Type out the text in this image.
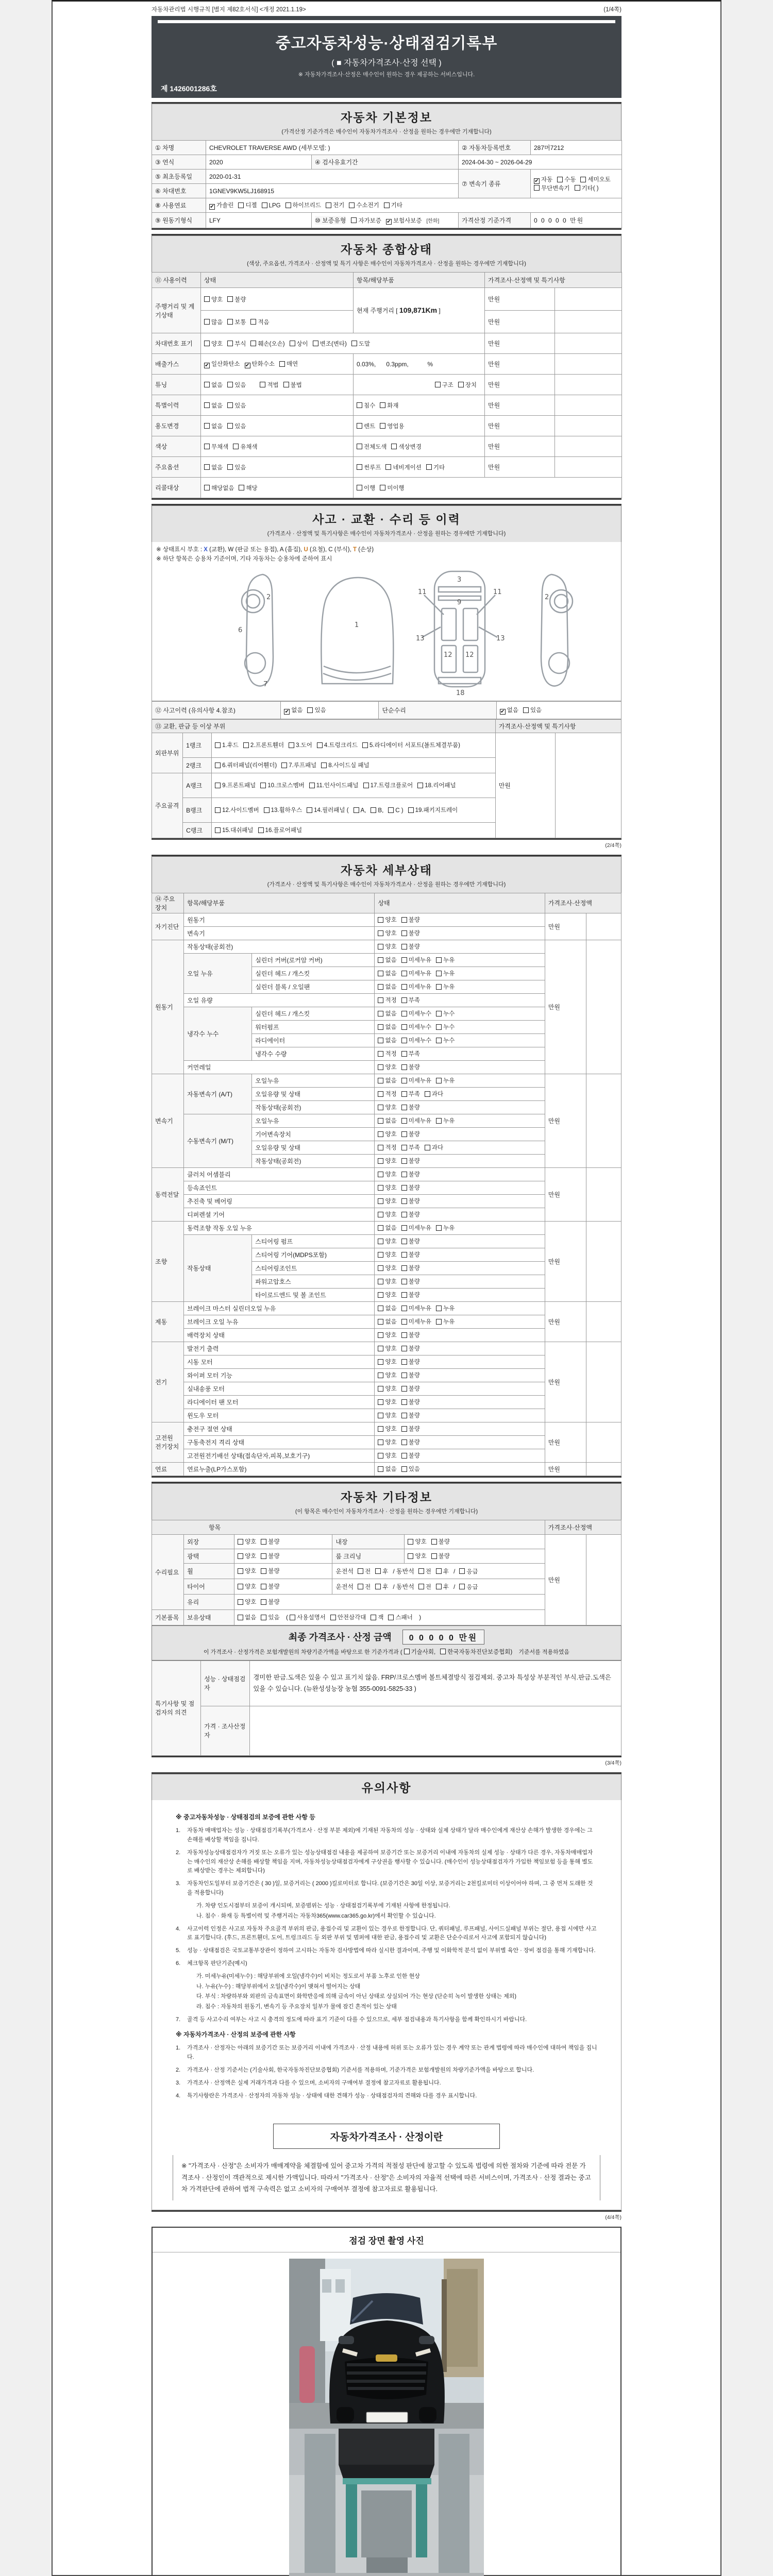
자동차관리법 시행규칙 [별지 제82호서식] <개정 2021.1.19>	(1/4쪽)
중고자동차성능·상태점검기록부
( ■ 자동차가격조사·산정 선택 )
※ 자동차가격조사·산정은 매수인이 원하는 경우 제공하는 서비스입니다.
제 1426001286호
자동차 기본정보
(가격산정 기준가격은 매수인이 자동차가격조사 · 산정을 원하는 경우에만 기재합니다)
① 차명	CHEVROLET TRAVERSE AWD (세부모델: )		② 자동차등록번호	287머7212
③ 연식	2020	④ 검사유효기간	2024-04-30 ~ 2026-04-29	
⑤ 최초등록일	2020-01-31		⑦ 변속기 종류	✔ 자동 수동 세미오토무단변속기 기타( )
⑥ 차대번호	1GNEV9KW5LJ168915			
⑧ 사용연료	✔ 가솔린 디젤 LPG 하이브리드 전기 수소전기 기타			
⑨ 원동기형식	LFY	⑩ 보증유형 자가보증 ✔ 보험사보증 [한화]	가격산정 기준가격	0 0 0 0 0 만원
자동차 종합상태
(색상, 주요옵션, 가격조사 · 산정액 및 특기 사항은 매수인이 자동차가격조사 · 산정을 원하는 경우에만 기재합니다)
⑪ 사용이력	상태	항목/해당부품	가격조사·산정액 및 특기사항	
주행거리 및 계기상태	양호 불량	현재 주행거리 [ 109,871Km ]	만원	
	많음 보통 적음		만원	
차대번호 표기	양호 부식 훼손(오손) 상이 변조(변타) 도말		만원	
배출가스	✔ 일산화탄소 ✔ 탄화수소 매연	0.03%,      0.3ppm,           %	만원	
튜닝	없음 있음 적법 불법	구조 장치	만원	
특별이력	없음 있음	침수 화재	만원	
용도변경	없음 있음	렌트 영업용	만원	
색상	무채색 유채색	전체도색 색상변경	만원	
주요옵션	없음 있음	썬루프 네비게이션 기타	만원	
리콜대상	해당없음 해당	이행 미이행		
사고 · 교환 · 수리 등 이력
(가격조사 · 산정액 및 특기사항은 매수인이 자동차가격조사 · 산정을 원하는 경우에만 기재합니다)
※ 상태표시 부호 : X (교환), W (판금 또는 용접), A (흠집), U (요철), C (부식), T (손상)
※ 하단 항목은 승용차 기준이며, 기타 자동차는 승용차에 준하여 표시
2
6
7
1
3
9
11	11
13	13
12 12
18
2
⑫ 사고이력 (유의사항 4.참조)	✔ 없음 있음	단순수리	✔ 없음 있음
⑬ 교환, 판금 등 이상 부위			가격조사·산정액 및 특기사항	
외판부위	1랭크	1.후드 2.프론트휀더 3.도어 4.트렁크리드 5.라디에이터 서포트(볼트체결부품)	만원	
	2랭크	6.쿼터패널(리어휀더) 7.루프패널 8.사이드실 패널		
주요골격	A랭크	9.프론트패널 10.크로스멤버 11.인사이드패널 17.트렁크플로어 18.리어패널		
	B랭크	12.사이드멤버 13.휠하우스 14.필러패널 ( A, B, C ) 19.패키지트레이		
	C랭크	15.대쉬패널 16.플로어패널		
(2/4쪽)
자동차 세부상태
(가격조사 · 산정액 및 특기사항은 매수인이 자동차가격조사 · 산정을 원하는 경우에만 기재합니다)
⑭ 주요장치	항목/해당부품		상태	가격조사·산정액	
자기진단	원동기		양호 불량	만원	
	변속기		양호 불량		
원동기	작동상태(공회전)		양호 불량	만원	
	오일 누유	실린더 커버(로커암 커버)	없음 미세누유 누유		
		실린더 헤드 / 개스킷	없음 미세누유 누유		
		실린더 블록 / 오일팬	없음 미세누유 누유		
	오일 유량		적정 부족		
	냉각수 누수	실린더 헤드 / 개스킷	없음 미세누수 누수		
		워터펌프	없음 미세누수 누수		
		라디에이터	없음 미세누수 누수		
		냉각수 수량	적정 부족		
	커먼레일		양호 불량		
변속기	자동변속기 (A/T)	오일누유	없음 미세누유 누유	만원	
		오일유량 및 상태	적정 부족 과다		
		작동상태(공회전)	양호 불량		
	수동변속기 (M/T)	오일누유	없음 미세누유 누유		
		기어변속장치	양호 불량		
		오일유량 및 상태	적정 부족 과다		
		작동상태(공회전)	양호 불량		
동력전달	클러치 어셈블리		양호 불량	만원	
	등속죠인트		양호 불량		
	추진축 및 베어링		양호 불량		
	디퍼렌셜 기어		양호 불량		
조향	동력조향 작동 오일 누유		없음 미세누유 누유	만원	
	작동상태	스티어링 펌프	양호 불량		
		스티어링 기어(MDPS포함)	양호 불량		
		스티어링조인트	양호 불량		
		파워고압호스	양호 불량		
		타이로드엔드 및 볼 조인트	양호 불량		
제동	브레이크 마스터 실린더오일 누유		없음 미세누유 누유	만원	
	브레이크 오일 누유		없음 미세누유 누유		
	배력장치 상태		양호 불량		
전기	발전기 출력		양호 불량	만원	
	시동 모터		양호 불량		
	와이퍼 모터 기능		양호 불량		
	실내송풍 모터		양호 불량		
	라디에이터 팬 모터		양호 불량		
	윈도우 모터		양호 불량		
고전원 전기장치	충전구 절연 상태		양호 불량	만원	
	구동축전지 격리 상태		양호 불량		
	고전원전기배선 상태(접속단자,피복,보호기구)		양호 불량		
연료	연료누출(LP가스포함)		없음 있음	만원	
자동차 기타정보
(이 항목은 매수인이 자동차가격조사 · 산정을 원하는 경우에만 기재합니다)
항목					가격조사·산정액	
수리필요	외장	양호 불량	내장	양호 불량	만원	
	광택	양호 불량	룸 크리닝	양호 불량		
	휠	양호 불량	운전석 전 후 / 동반석 전 후 / 응급			
	타이어	양호 불량	운전석 전 후 / 동반석 전 후 / 응급			
	유리	양호 불량				
기본품목	보유상태	없음 있음 ( 사용설명서 안전삼각대 잭 스패너 )				
최종 가격조사 · 산정 금액 0 0 0 0 0 만원
이 가격조사 · 산정가격은 보험개발원의 차량기준가액을 바탕으로 한 기준가격과 ( 기술사회, 한국자동차진단보증협회) 기준서를 적용하였음
특기사항 및 점검자의 의견	성능 · 상태점검자	경미한 판금.도색은 있을 수 있고 표기치 않음. FRP/크로스멤버 볼트체결방식 점검제외. 중고차 특성상 부분적인 부식.판금.도색은 있을 수 있습니다. (뉴완성성능장 농협 355-0091-5825-33 )
	가격 · 조사산정자	
(3/4쪽)
유의사항
※ 중고자동차성능 · 상태점검의 보증에 관한 사항 등
1.	자동차 매매업자는 성능 · 상태점검기록부(가격조사 · 산정 부분 제외)에 기재된 자동차의 성능 · 상태와 실제 상태가 달라 매수인에게 재산상 손해가 발생한 경우에는 그 손해를 배상할 책임을 집니다.
2.	자동차성능상태점검자가 거짓 또는 오류가 있는 성능상태점검 내용을 제공하여 보증기간 또는 보증거리 이내에 자동차의 실제 성능 · 상태가 다른 경우, 자동차매매업자는 매수인의 재산상 손해를 배상할 책임을 지며, 자동차성능상태점검자에게 구상권을 행사할 수 있습니다. (매수인이 성능상태점검자가 가입한 책임보험 등을 통해 별도로 배상받는 경우는 제외합니다)
3.	자동차인도일부터 보증기간은 ( 30 )일, 보증거리는 ( 2000 )킬로미터로 합니다. (보증기간은 30일 이상, 보증거리는 2천킬로미터 이상이어야 하며, 그 중 먼저 도래한 것을 적용합니다)
가. 차량 인도시점부터 보증이 개시되며, 보증범위는 성능 · 상태점검기록부에 기재된 사항에 한정됩니다.
나. 침수 · 화재 등 특별이력 및 주행거리는 자동차365(www.car365.go.kr)에서 확인할 수 있습니다.
4.	사고이력 인정은 사고로 자동차 주요골격 부위의 판금, 용접수리 및 교환이 있는 경우로 한정합니다. 단, 쿼터패널, 루프패널, 사이드실패널 부위는 절단, 용접 시에만 사고로 표기합니다. (후드, 프론트휀더, 도어, 트렁크리드 등 외판 부위 및 범퍼에 대한 판금, 용접수리 및 교환은 단순수리로서 사고에 포함되지 않습니다)
5.	성능 · 상태점검은 국토교통부장관이 정하여 고시하는 자동차 검사방법에 따라 실시한 결과이며, 주행 및 이화학적 분석 없이 부위별 육안 · 장비 점검을 통해 기재합니다.
6.	체크항목 판단기준(예시)
가. 미세누유(미세누수) : 해당부위에 오일(냉각수)이 비치는 정도로서 부품 노후로 인한 현상
나. 누유(누수) : 해당부위에서 오일(냉각수)이 맺혀서 떨어지는 상태
다. 부식 : 차량하부와 외판의 금속표면이 화학반응에 의해 금속이 아닌 상태로 상실되어 가는 현상 (단순히 녹이 발생한 상태는 제외)
라. 침수 : 자동차의 원동기, 변속기 등 주요장치 일부가 물에 잠긴 흔적이 있는 상태
7.	골격 등 사고수리 여부는 사고 시 충격의 정도에 따라 표기 기준이 다를 수 있으므로, 세부 점검내용과 특기사항을 함께 확인하시기 바랍니다.
※ 자동차가격조사 · 산정의 보증에 관한 사항
1.	가격조사 · 산정자는 아래의 보증기간 또는 보증거리 이내에 가격조사 · 산정 내용에 허위 또는 오류가 있는 경우 계약 또는 관계 법령에 따라 매수인에 대하여 책임을 집니다.
2.	가격조사 · 산정 기준서는 (기술사회, 한국자동차진단보증협회) 기준서를 적용하며, 기준가격은 보험개발원의 차량기준가액을 바탕으로 합니다.
3.	가격조사 · 산정액은 실제 거래가격과 다를 수 있으며, 소비자의 구매여부 결정에 참고자료로 활용됩니다.
4.	특기사항란은 가격조사 · 산정자의 자동차 성능 · 상태에 대한 견해가 성능 · 상태점검자의 견해와 다를 경우 표시합니다.
자동차가격조사 · 산정이란
※ "가격조사 · 산정"은 소비자가 매매계약을 체결함에 있어 중고차 가격의 적절성 판단에 참고할 수 있도록 법령에 의한 절차와 기준에 따라 전문 가격조사 · 산정인이 객관적으로 제시한 가액입니다. 따라서 "가격조사 · 산정"은 소비자의 자율적 선택에 따른 서비스이며, 가격조사 · 산정 결과는 중고차 가격판단에 관하여 법적 구속력은 없고 소비자의 구매여부 결정에 참고자료로 활용됩니다.
(4/4쪽)
점검 장면 촬영 사진
